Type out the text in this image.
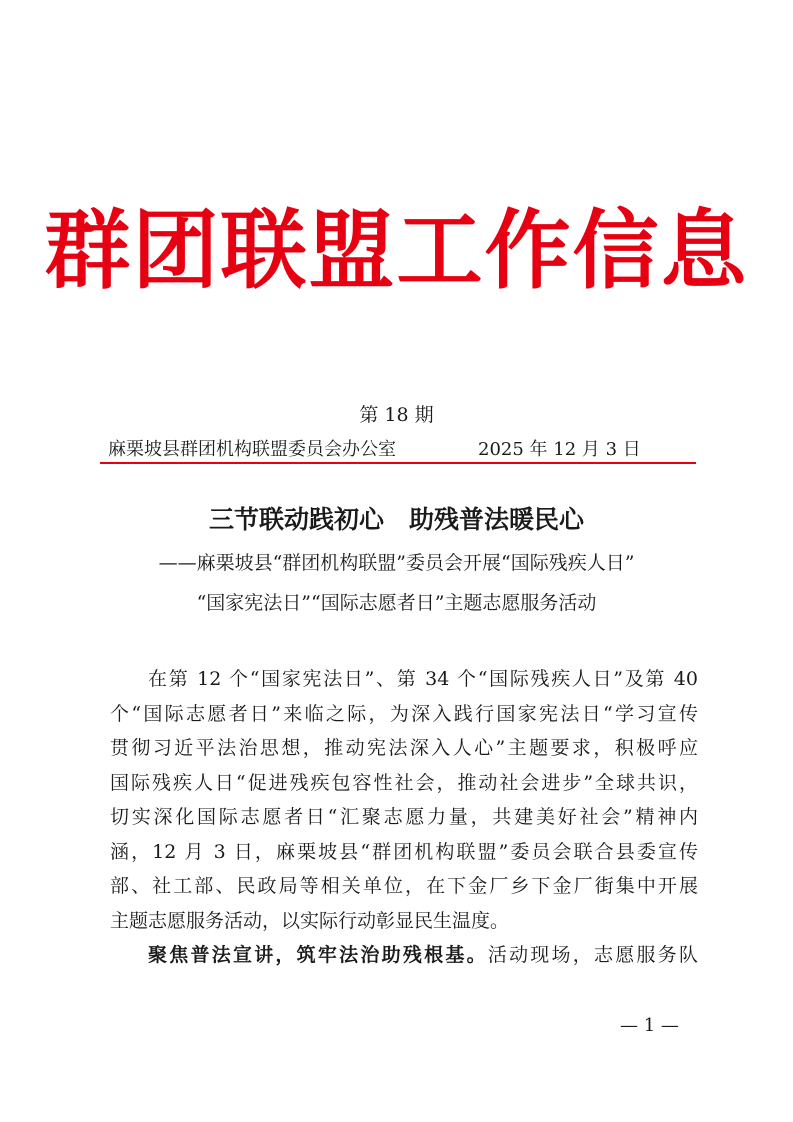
群团联盟工作信息
第 18 期
麻栗坡县群团机构联盟委员会办公室	2025 年 12 月 3 日
三节联动践初心　助残普法暖民心
——麻栗坡县“群团机构联盟”委员会开展“国际残疾人日”
“国家宪法日”“国际志愿者日”主题志愿服务活动

在第 12 个“国家宪法日”、第 34 个“国际残疾人日”及第 40

个“国际志愿者日”来临之际，为深入践行国家宪法日“学习宣传

贯彻习近平法治思想，推动宪法深入人心”主题要求，积极呼应

国际残疾人日“促进残疾包容性社会，推动社会进步”全球共识，

切实深化国际志愿者日“汇聚志愿力量，共建美好社会”精神内

涵，12 月 3 日，麻栗坡县“群团机构联盟”委员会联合县委宣传

部、社工部、民政局等相关单位，在下金厂乡下金厂街集中开展

主题志愿服务活动，以实际行动彰显民生温度。

聚焦普法宣讲，筑牢法治助残根基。活动现场，志愿服务队

— 1 —
